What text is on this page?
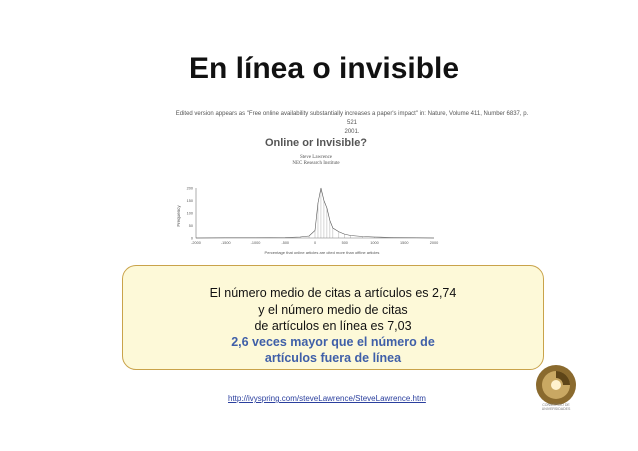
En línea o invisible
Edited version appears as "Free online availability substantially increases a paper's impact" in: Nature, Volume 411, Number 6837, p. 521
2001.
Online or Invisible?
Steve Lawrence
NEC Research Institute
-2000	-1500	-1000	-500	0	500	1000	1500	2000
0
50
100
150
200
Frequency
Percentage that online articles are cited more than offline articles
El número medio de citas a artículos es 2,74
y el número medio de citas
de artículos en línea es 7,03
2,6 veces mayor que el número de
artículos fuera de línea
http://ivyspring.com/steveLawrence/SteveLawrence.htm
CONSORCIO DE
UNIVERSIDADES
